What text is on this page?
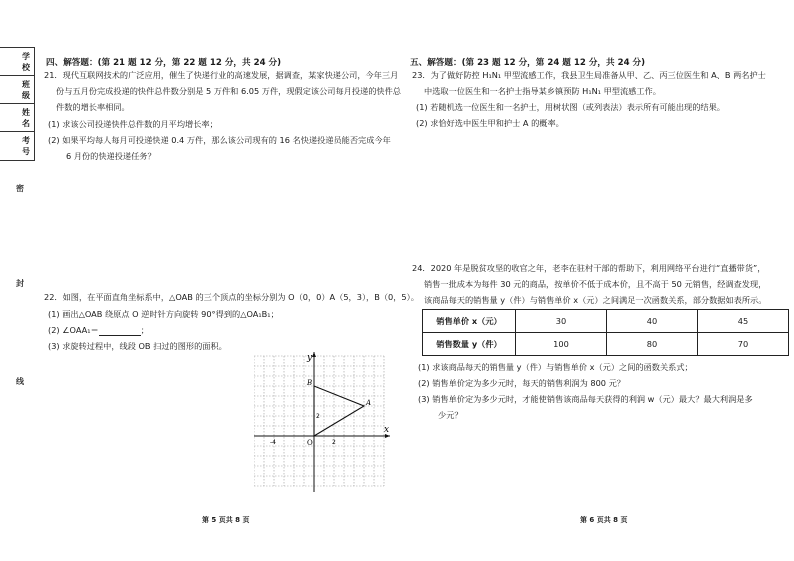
学
校
班
级
姓
名
考
号
密
封
线
四、解答题：(第 21 题 12 分，第 22 题 12 分，共 24 分)
21．现代互联网技术的广泛应用，催生了快递行业的高速发展，据调查，某家快递公司，今年三月
份与五月份完成投递的快件总件数分别是 5 万件和 6.05 万件，现假定该公司每月投递的快件总
件数的增长率相同。
(1) 求该公司投递快件总件数的月平均增长率；
(2) 如果平均每人每月可投递快递 0.4 万件，那么该公司现有的 16 名快递投递员能否完成今年
6 月份的快递投递任务？
22．如图，在平面直角坐标系中，△OAB 的三个顶点的坐标分别为 O（0，0）A（5，3），B（0，5）。
(1) 画出△OAB 绕原点 O 逆时针方向旋转 90°得到的△OA₁B₁；
(2) ∠OAA₁＝	；
(3) 求旋转过程中，线段 OB 扫过的图形的面积。
y
x
O
A
B
2
2
-4
第 5 页共 8 页
五、解答题：(第 23 题 12 分，第 24 题 12 分，共 24 分)
23．为了做好防控 H₁N₁ 甲型流感工作，我县卫生局准备从甲、乙、丙三位医生和 A、B 两名护士
中选取一位医生和一名护士指导某乡镇预防 H₁N₁ 甲型流感工作。
(1) 若随机选一位医生和一名护士，用树状图（或列表法）表示所有可能出现的结果。
(2) 求恰好选中医生甲和护士 A 的概率。
24．2020 年是脱贫攻坚的收官之年，老李在驻村干部的帮助下，利用网络平台进行“直播带货”，
销售一批成本为每件 30 元的商品，按单价不低于成本价，且不高于 50 元销售，经调查发现，
该商品每天的销售量 y（件）与销售单价 x（元）之间满足一次函数关系，部分数据如表所示。
销售单价 x（元）	30	40	45
销售数量 y（件）	100	80	70
(1) 求该商品每天的销售量 y（件）与销售单价 x（元）之间的函数关系式；
(2) 销售单价定为多少元时，每天的销售利润为 800 元？
(3) 销售单价定为多少元时，才能使销售该商品每天获得的利润 w（元）最大？最大利润是多
少元？
第 6 页共 8 页
